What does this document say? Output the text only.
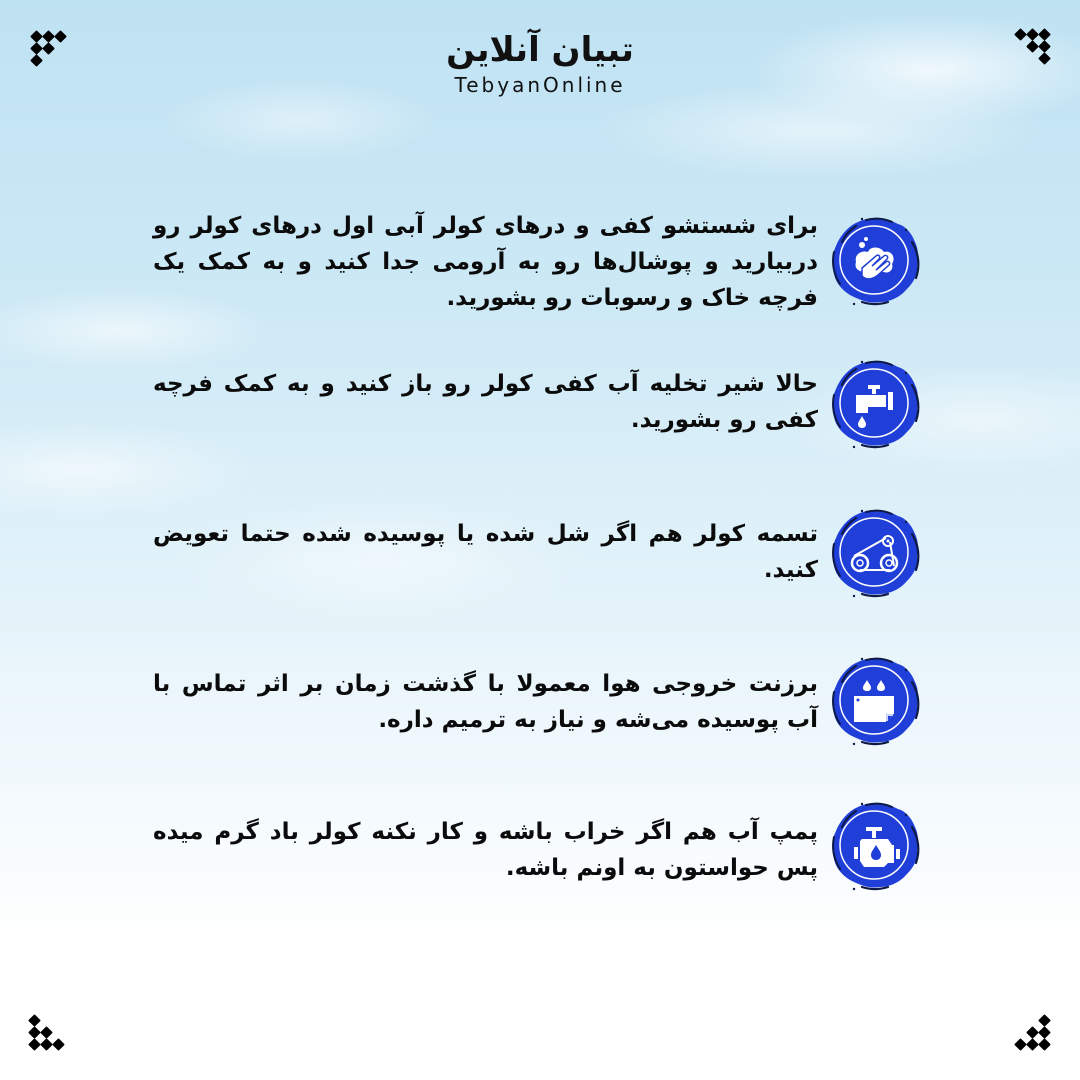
تبیان آنلاین
TebyanOnline
برای شستشو کفی و درهای کولر آبی اول درهای کولر رو دربیارید و پوشال‌ها رو به آرومی جدا کنید و به کمک یک فرچه خاک و رسوبات رو بشورید.
حالا شیر تخلیه آب کفی کولر رو باز کنید و به کمک فرچه کفی رو بشورید.
تسمه کولر هم اگر شل شده یا پوسیده شده حتما تعویض کنید.
برزنت خروجی هوا معمولا با گذشت زمان بر اثر تماس با آب پوسیده می‌شه و نیاز به ترمیم داره.
پمپ آب هم اگر خراب باشه و کار نکنه کولر باد گرم میده پس حواستون به اونم باشه.
